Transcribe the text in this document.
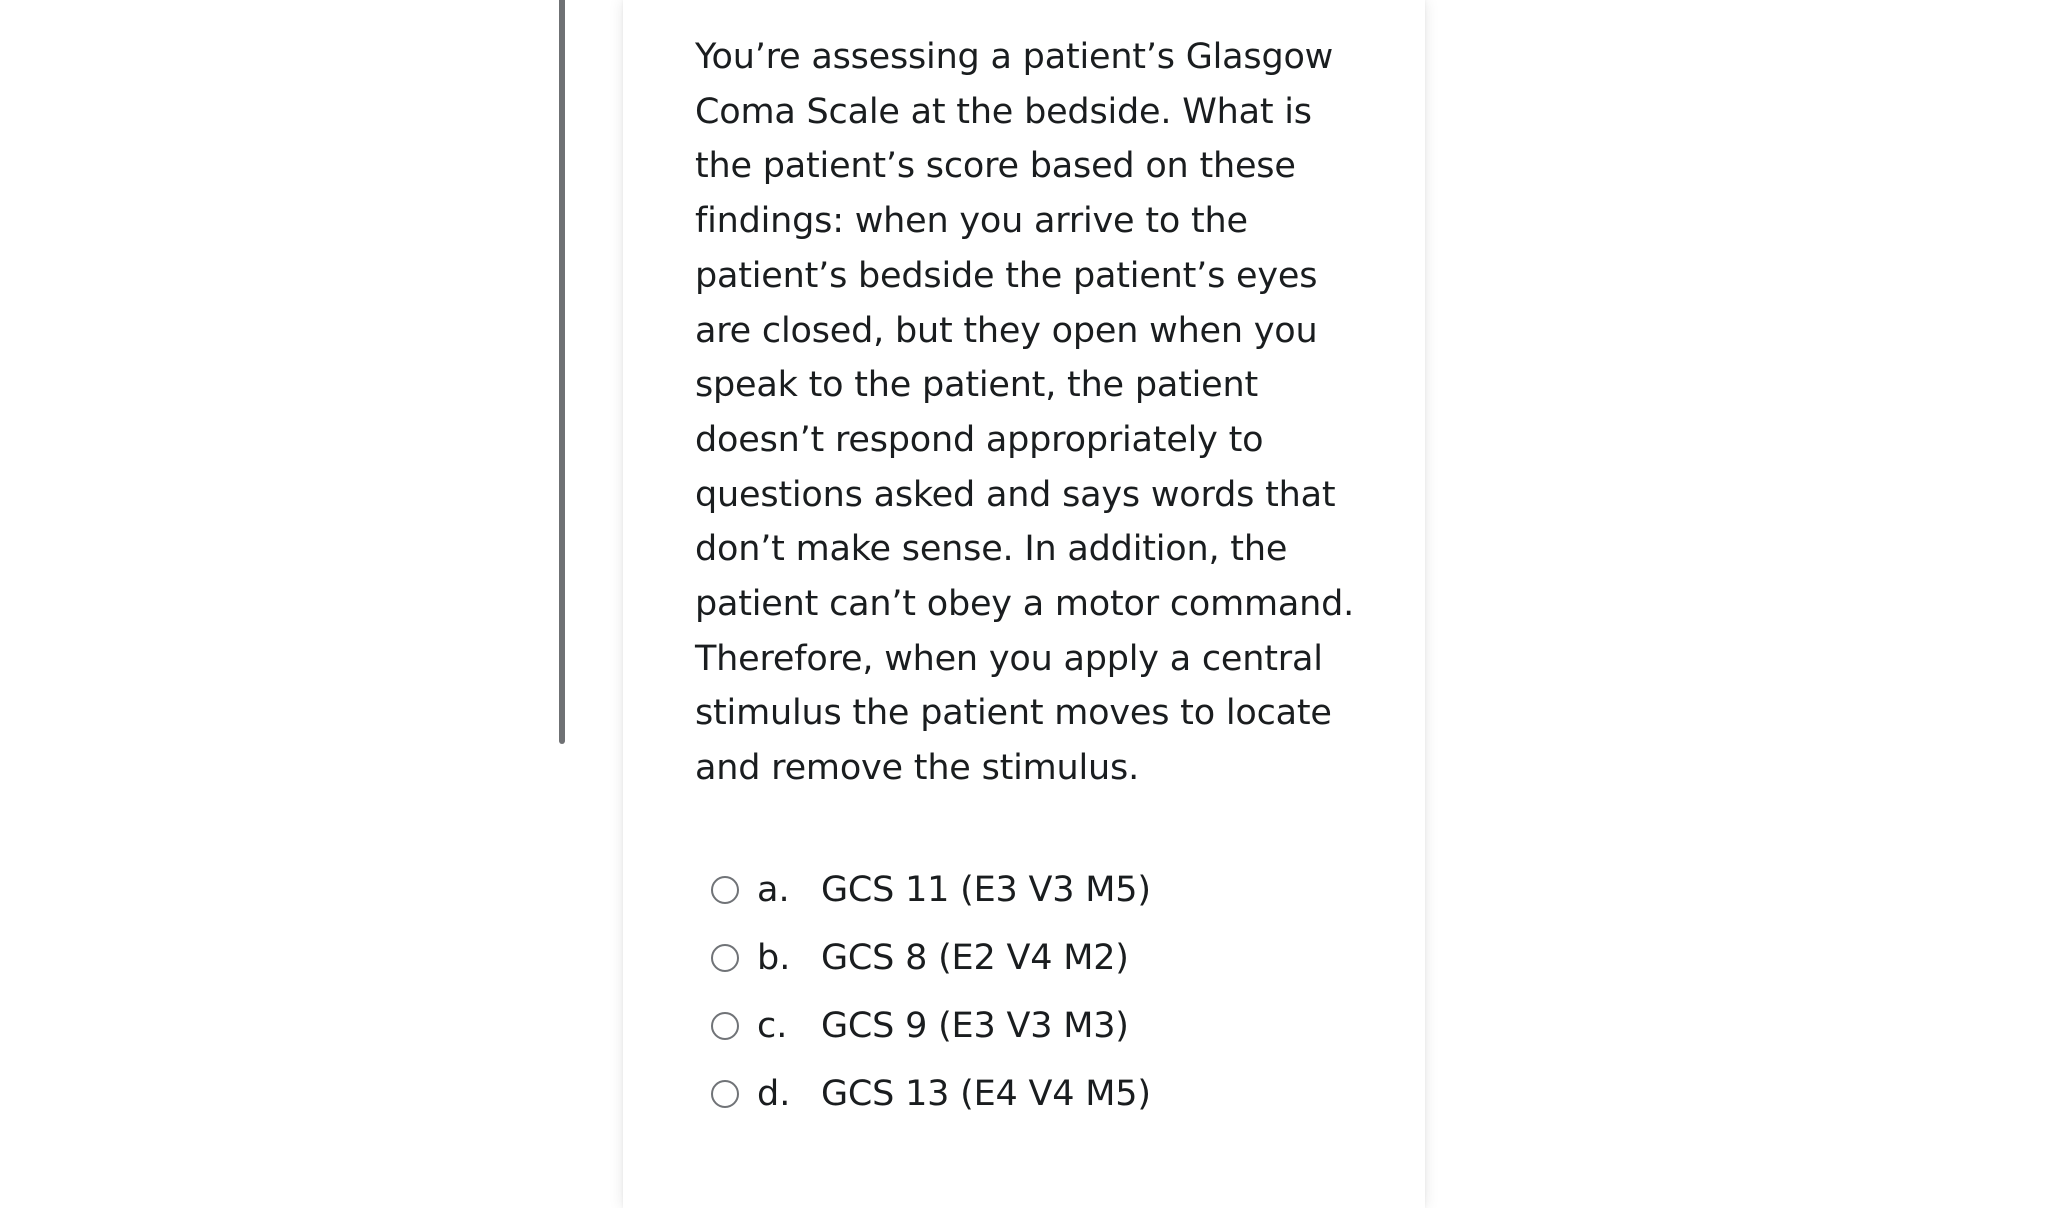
You’re assessing a patient’s Glasgow Coma Scale at the bedside. What is the patient’s score based on these findings: when you arrive to the patient’s bedside the patient’s eyes are closed, but they open when you speak to the patient, the patient doesn’t respond appropriately to questions asked and says words that don’t make sense. In addition, the patient can’t obey a motor command. Therefore, when you apply a central stimulus the patient moves to locate and remove the stimulus.

a. GCS 11 (E3 V3 M5)
b. GCS 8 (E2 V4 M2)
c. GCS 9 (E3 V3 M3)
d. GCS 13 (E4 V4 M5)
